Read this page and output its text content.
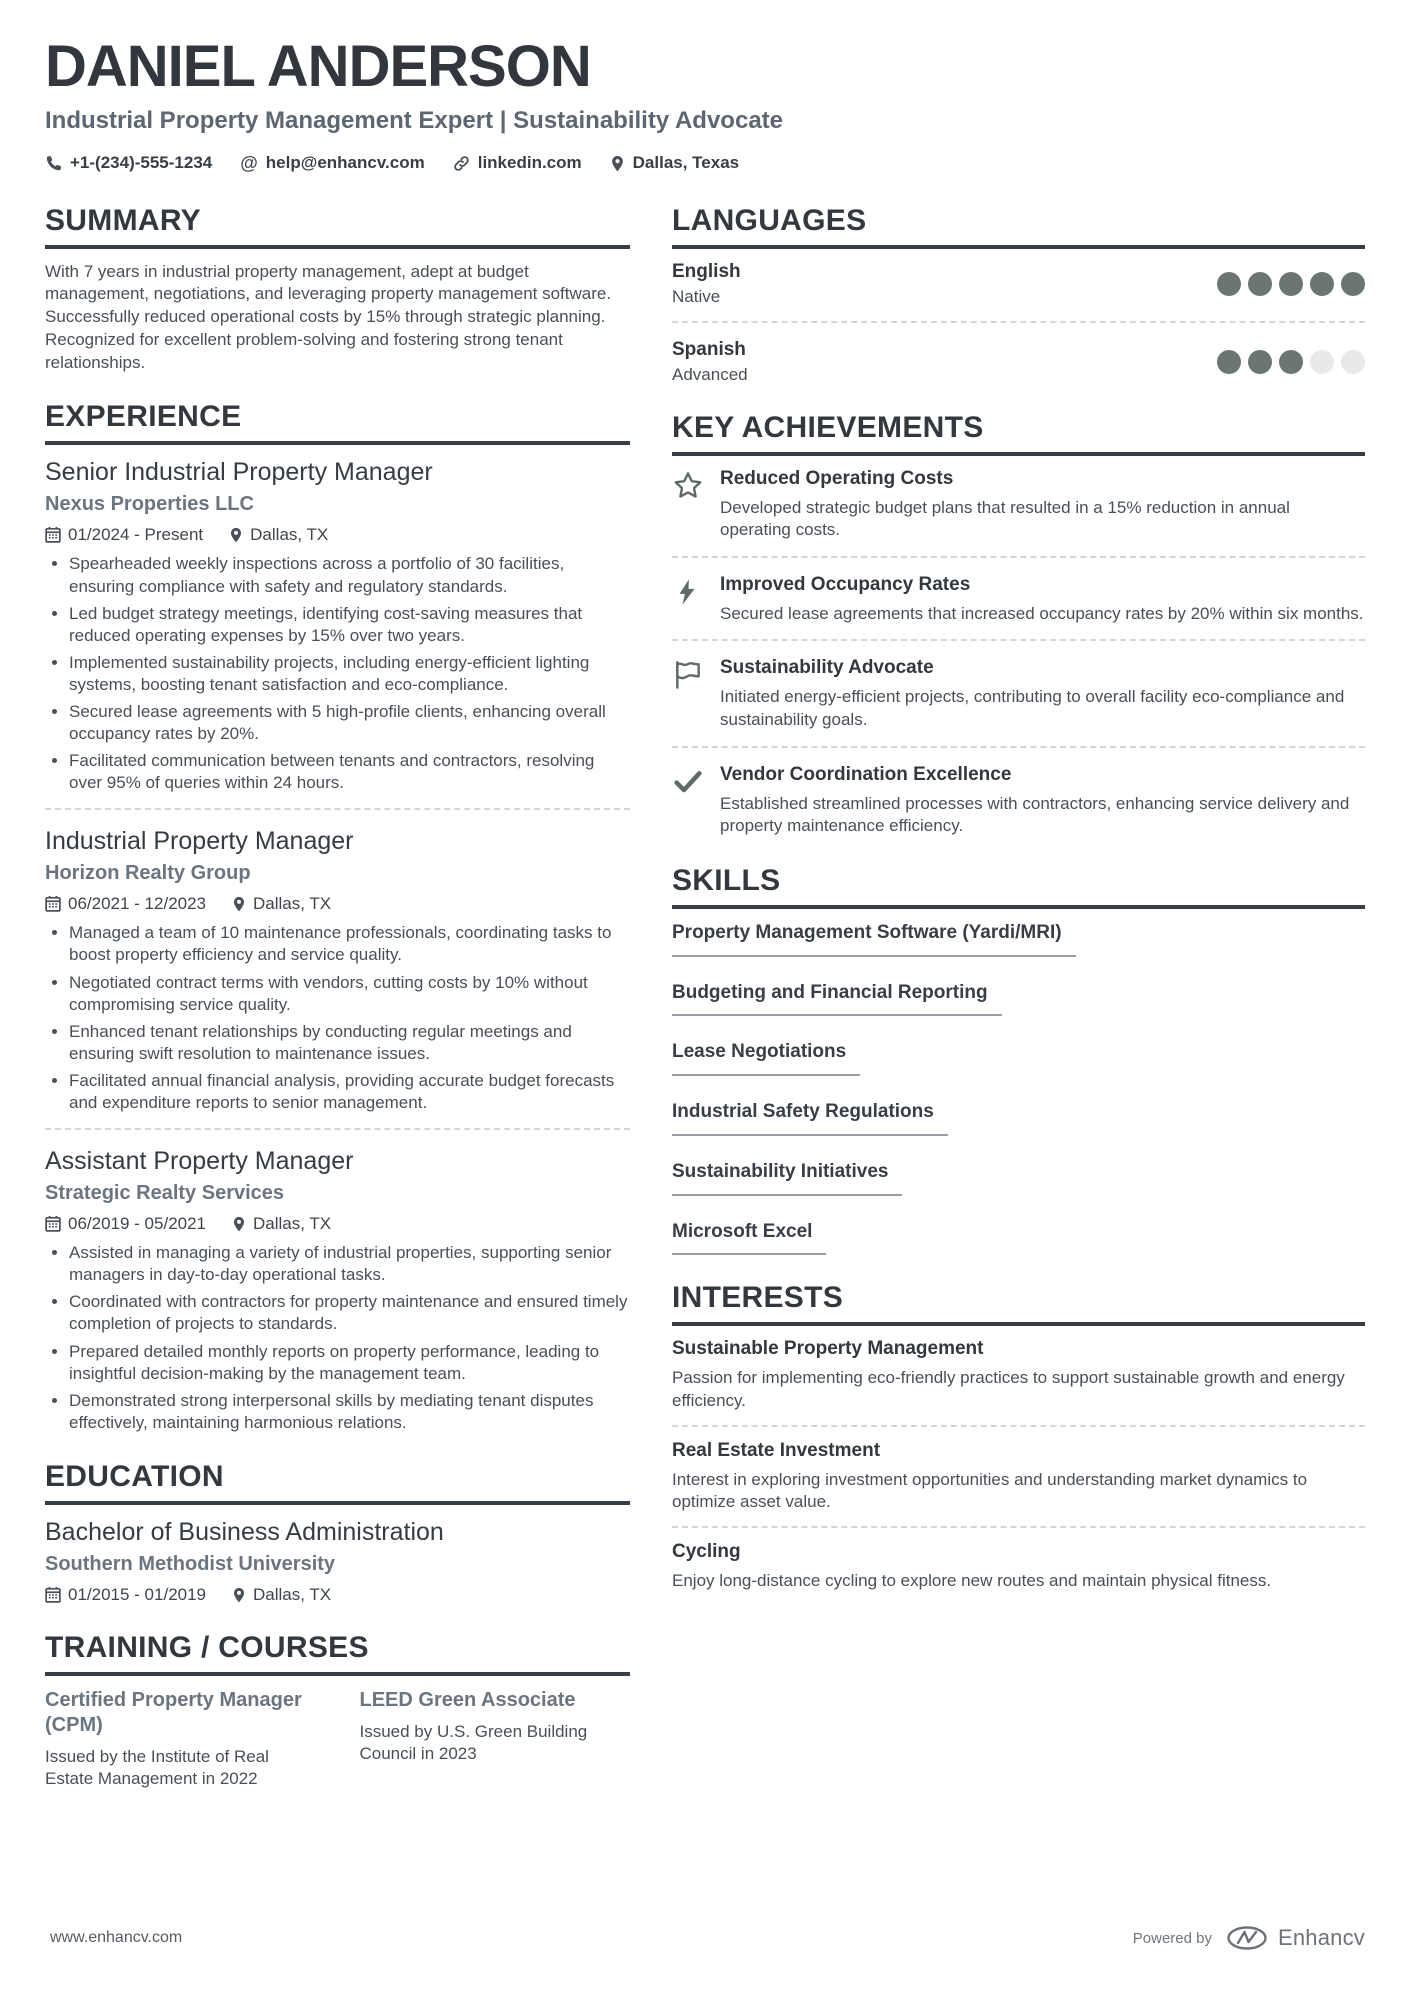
DANIEL ANDERSON
Industrial Property Management Expert | Sustainability Advocate
+1-(234)-555-1234 @ help@enhancv.com	linkedin.com	Dallas, Texas
SUMMARY

With 7 years in industrial property management, adept at budget management, negotiations, and leveraging property management software. Successfully reduced operational costs by 15% through strategic planning. Recognized for excellent problem-solving and fostering strong tenant relationships.

EXPERIENCE
Senior Industrial Property Manager
Nexus Properties LLC
01/2024 - Present	Dallas, TX
• Spearheaded weekly inspections across a portfolio of 30 facilities, ensuring compliance with safety and regulatory standards.
• Led budget strategy meetings, identifying cost-saving measures that reduced operating expenses by 15% over two years.
• Implemented sustainability projects, including energy-efficient lighting systems, boosting tenant satisfaction and eco-compliance.
• Secured lease agreements with 5 high-profile clients, enhancing overall occupancy rates by 20%.
• Facilitated communication between tenants and contractors, resolving over 95% of queries within 24 hours.
Industrial Property Manager
Horizon Realty Group
06/2021 - 12/2023	Dallas, TX
• Managed a team of 10 maintenance professionals, coordinating tasks to boost property efficiency and service quality.
• Negotiated contract terms with vendors, cutting costs by 10% without compromising service quality.
• Enhanced tenant relationships by conducting regular meetings and ensuring swift resolution to maintenance issues.
• Facilitated annual financial analysis, providing accurate budget forecasts and expenditure reports to senior management.
Assistant Property Manager
Strategic Realty Services
06/2019 - 05/2021	Dallas, TX
• Assisted in managing a variety of industrial properties, supporting senior managers in day-to-day operational tasks.
• Coordinated with contractors for property maintenance and ensured timely completion of projects to standards.
• Prepared detailed monthly reports on property performance, leading to insightful decision-making by the management team.
• Demonstrated strong interpersonal skills by mediating tenant disputes effectively, maintaining harmonious relations.
EDUCATION
Bachelor of Business Administration
Southern Methodist University
01/2015 - 01/2019	Dallas, TX
TRAINING / COURSES
Certified Property Manager (CPM)

Issued by the Institute of Real Estate Management in 2022

LEED Green Associate

Issued by U.S. Green Building Council in 2023

LANGUAGES
English
Native
Spanish
Advanced
KEY ACHIEVEMENTS
Reduced Operating Costs

Developed strategic budget plans that resulted in a 15% reduction in annual operating costs.

Improved Occupancy Rates

Secured lease agreements that increased occupancy rates by 20% within six months.

Sustainability Advocate

Initiated energy-efficient projects, contributing to overall facility eco-compliance and sustainability goals.

Vendor Coordination Excellence

Established streamlined processes with contractors, enhancing service delivery and property maintenance efficiency.

SKILLS
Property Management Software (Yardi/MRI)
Budgeting and Financial Reporting
Lease Negotiations
Industrial Safety Regulations
Sustainability Initiatives
Microsoft Excel
INTERESTS
Sustainable Property Management

Passion for implementing eco-friendly practices to support sustainable growth and energy efficiency.

Real Estate Investment

Interest in exploring investment opportunities and understanding market dynamics to optimize asset value.

Cycling

Enjoy long-distance cycling to explore new routes and maintain physical fitness.

www.enhancv.com	Powered by	Enhancv
